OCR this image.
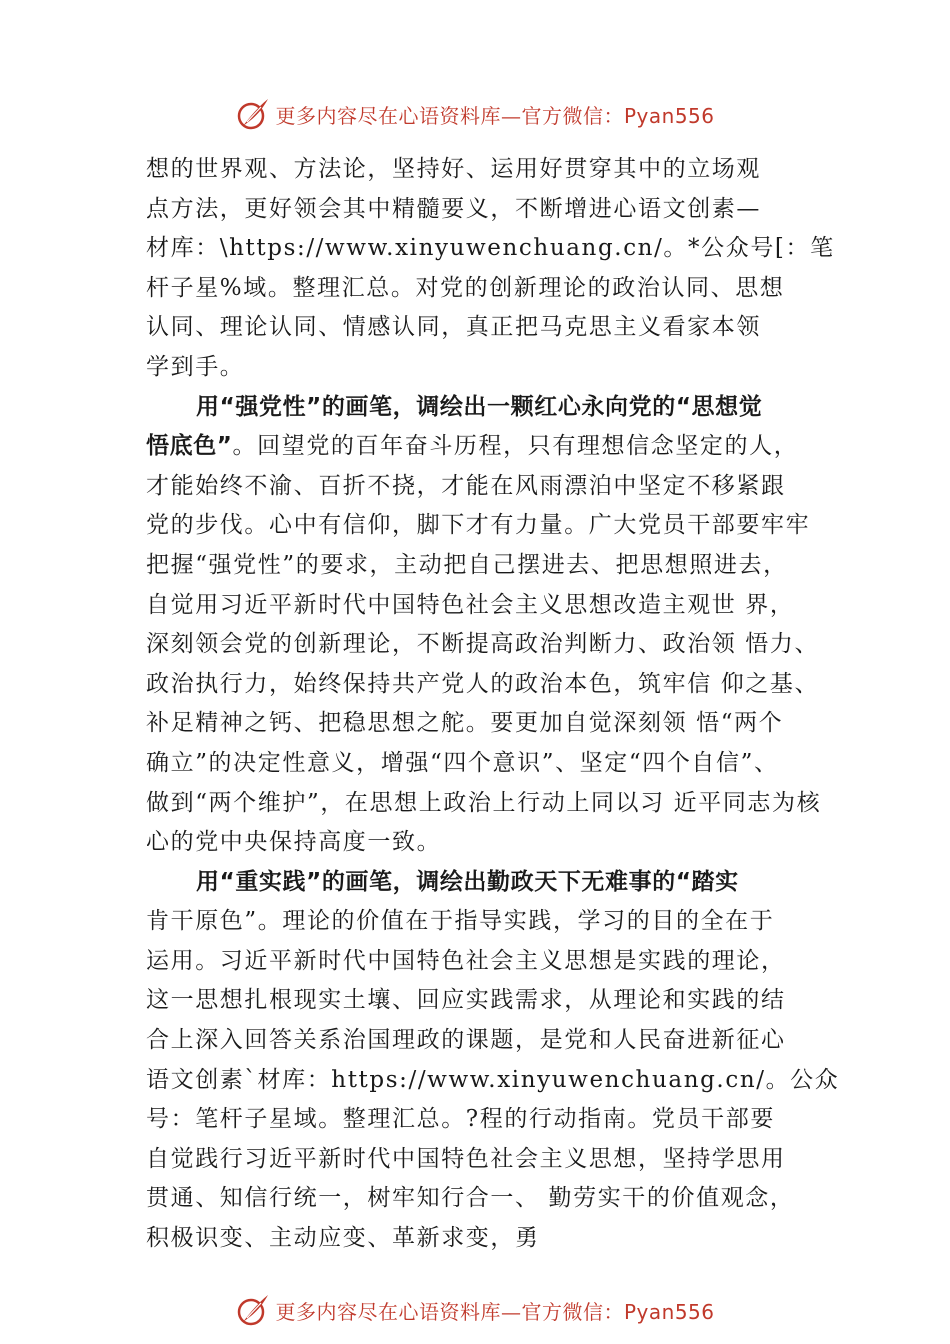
更多内容尽在心语资料库—官方微信：Pyan556
想的世界观、方法论，坚持好、运用好贯穿其中的立场观
点方法，更好领会其中精髓要义，不断增进心语文创素—
材库：\https://www.xinyuwenchuang.cn/。*公众号[：笔
杆子星%域。整理汇总。对党的创新理论的政治认同、思想
认同、理论认同、情感认同，真正把马克思主义看家本领
学到手。
用“强党性”的画笔，调绘出一颗红心永向党的“思想觉
悟底色”。回望党的百年奋斗历程，只有理想信念坚定的人，
才能始终不渝、百折不挠，才能在风雨漂泊中坚定不移紧跟
党的步伐。心中有信仰，脚下才有力量。广大党员干部要牢牢
把握“强党性”的要求，主动把自己摆进去、把思想照进去，
自觉用习近平新时代中国特色社会主义思想改造主观世 界，
深刻领会党的创新理论，不断提高政治判断力、政治领 悟力、
政治执行力，始终保持共产党人的政治本色，筑牢信 仰之基、
补足精神之钙、把稳思想之舵。要更加自觉深刻领 悟“两个
确立”的决定性意义，增强“四个意识”、坚定“四个自信”、
做到“两个维护”，在思想上政治上行动上同以习 近平同志为核
心的党中央保持高度一致。
用“重实践”的画笔，调绘出勤政天下无难事的“踏实
肯干原色”。理论的价值在于指导实践，学习的目的全在于
运用。习近平新时代中国特色社会主义思想是实践的理论，
这一思想扎根现实土壤、回应实践需求，从理论和实践的结
合上深入回答关系治国理政的课题，是党和人民奋进新征心
语文创素`材库：https://www.xinyuwenchuang.cn/。公众
号：笔杆子星域。整理汇总。?程的行动指南。党员干部要
自觉践行习近平新时代中国特色社会主义思想，坚持学思用
贯通、知信行统一，树牢知行合一、 勤劳实干的价值观念，
积极识变、主动应变、革新求变，勇
更多内容尽在心语资料库—官方微信：Pyan556
